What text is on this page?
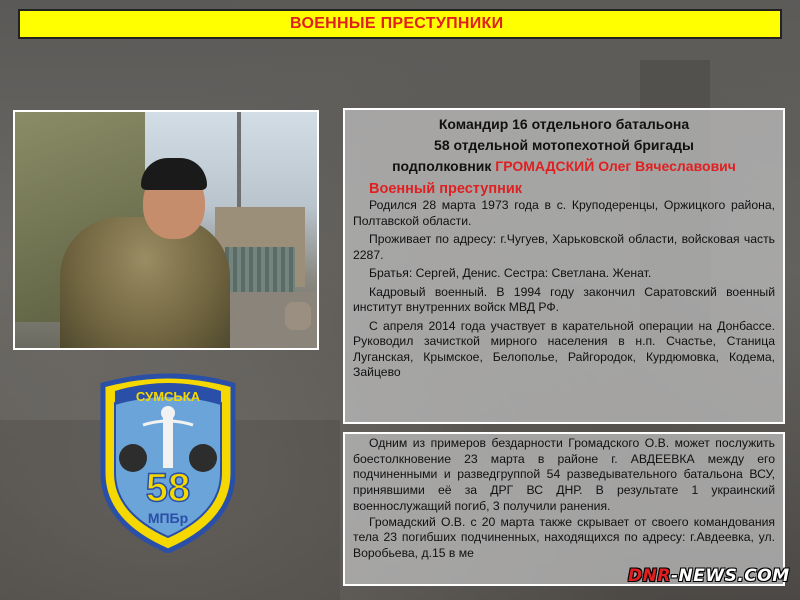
ВОЕННЫЕ ПРЕСТУПНИКИ
Командир 16 отдельного батальона
58 отдельной мотопехотной бригады
подполковник ГРОМАДСКИЙ Олег Вячеславович
Военный преступник

Родился 28 марта 1973 года в с. Круподеренцы, Оржицкого района, Полтавской области.

Проживает по адресу: г.Чугуев, Харьковской области, войсковая часть 2287.

Братья: Сергей, Денис. Сестра: Светлана. Женат.

Кадровый военный. В 1994 году закончил Саратовский военный институт внутренних войск МВД РФ.

С апреля 2014 года участвует в карательной операции на Донбассе. Руководил зачисткой мирного населения в н.п. Счастье, Станица Луганская, Крымское, Белополье, Райгородок, Курдюмовка, Кодема, Зайцево

Одним из примеров бездарности Громадского О.В. может послужить боестолкновение 23 марта в районе г. АВДЕЕВКА между его подчиненными и разведгруппой 54 разведывательного батальона ВСУ, принявшими её за ДРГ ВС ДНР. В результате 1 украинский военнослужащий погиб, 3 получили ранения.

Громадский О.В. с 20 марта также скрывает от своего командования тела 23 погибших подчиненных, находящихся по адресу: г.Авдеевка, ул. Воробьева, д.15 в ме

СУМСЬКА
58
МПБр
DNR-NEWS.COM
